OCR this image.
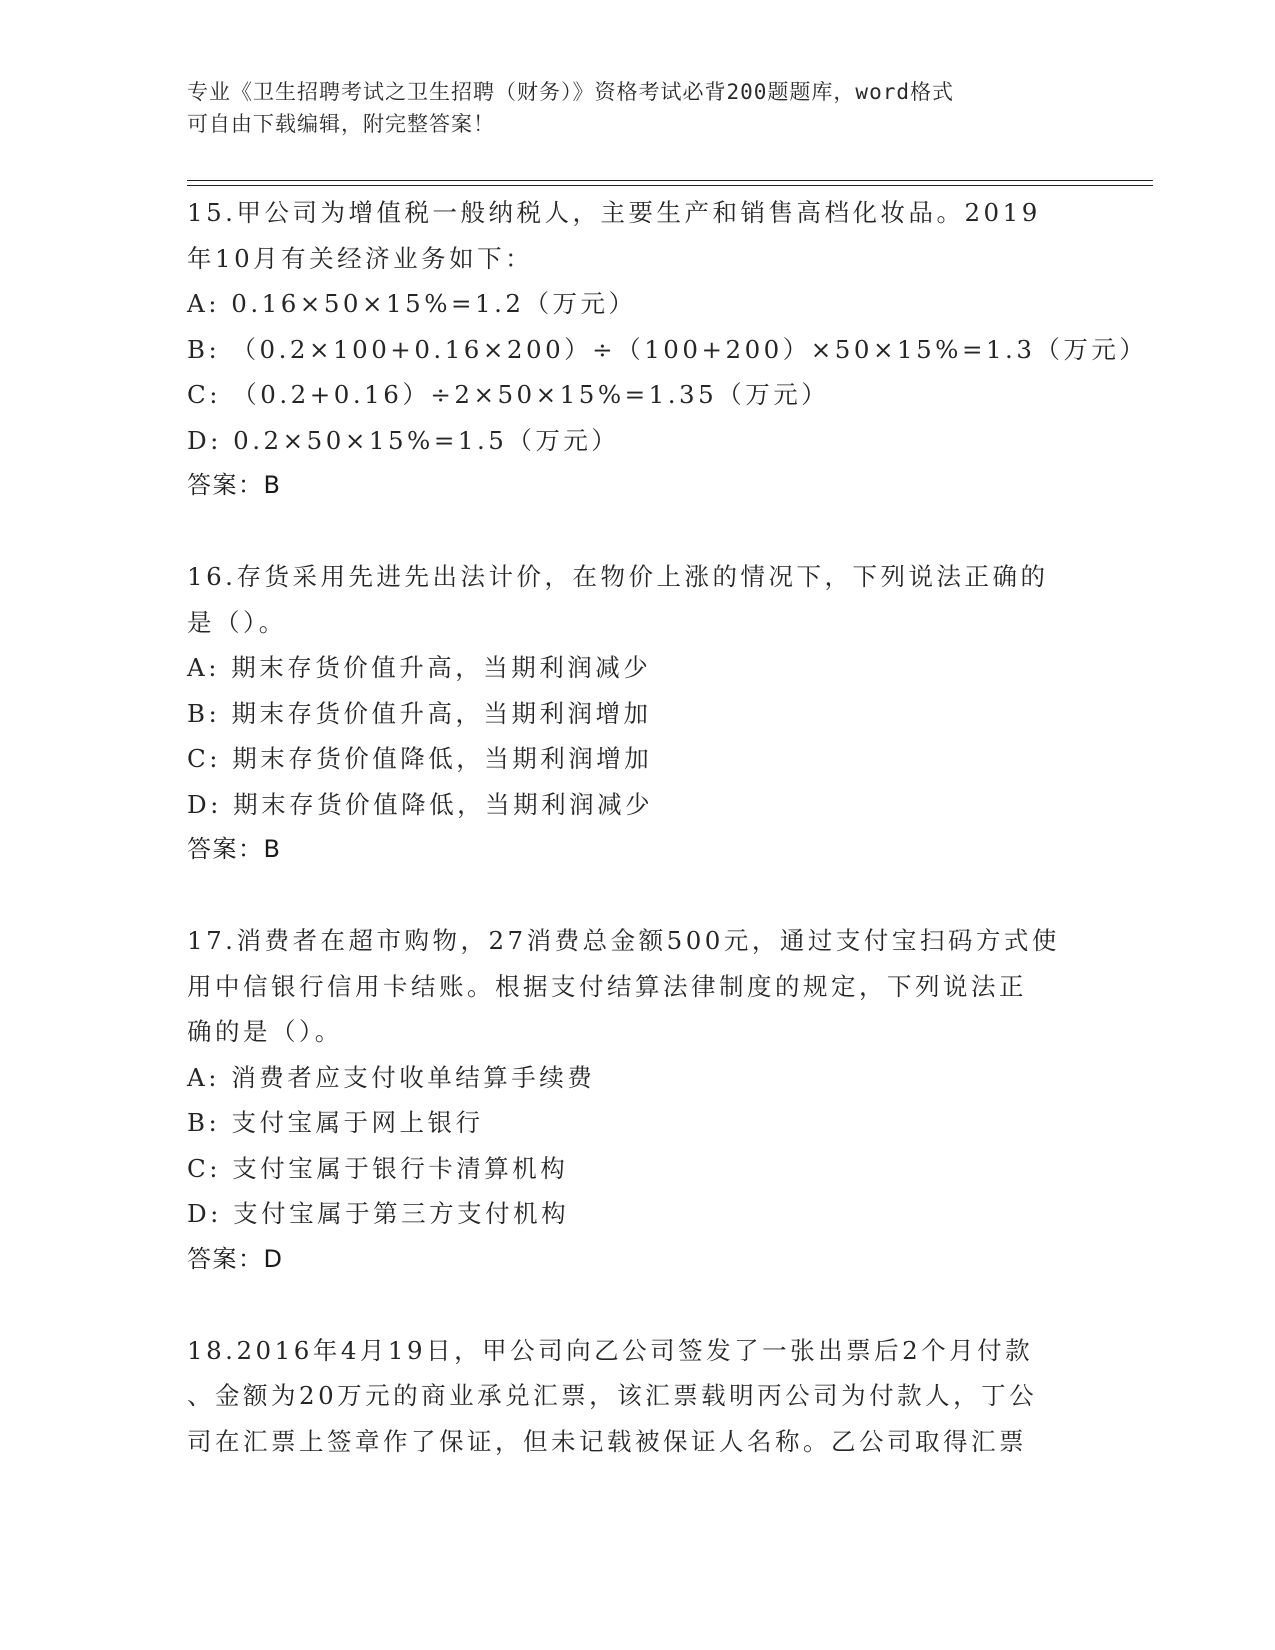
专业《卫生招聘考试之卫生招聘（财务）》资格考试必背200题题库，word格式
可自由下载编辑，附完整答案！
15.甲公司为增值税一般纳税人，主要生产和销售高档化妆品。2019
年10月有关经济业务如下：
A: 0.16×50×15%=1.2（万元）
B: （0.2×100+0.16×200）÷（100+200）×50×15%=1.3（万元）
C: （0.2+0.16）÷2×50×15%=1.35（万元）
D: 0.2×50×15%=1.5（万元）
答案：B
16.存货采用先进先出法计价，在物价上涨的情况下，下列说法正确的
是（）。
A: 期末存货价值升高，当期利润减少
B: 期末存货价值升高，当期利润增加
C: 期末存货价值降低，当期利润增加
D: 期末存货价值降低，当期利润减少
答案：B
17.消费者在超市购物，27消费总金额500元，通过支付宝扫码方式使
用中信银行信用卡结账。根据支付结算法律制度的规定，下列说法正
确的是（）。
A: 消费者应支付收单结算手续费
B: 支付宝属于网上银行
C: 支付宝属于银行卡清算机构
D: 支付宝属于第三方支付机构
答案：D
18.2016年4月19日，甲公司向乙公司签发了一张出票后2个月付款
、金额为20万元的商业承兑汇票，该汇票载明丙公司为付款人，丁公
司在汇票上签章作了保证，但未记载被保证人名称。乙公司取得汇票
